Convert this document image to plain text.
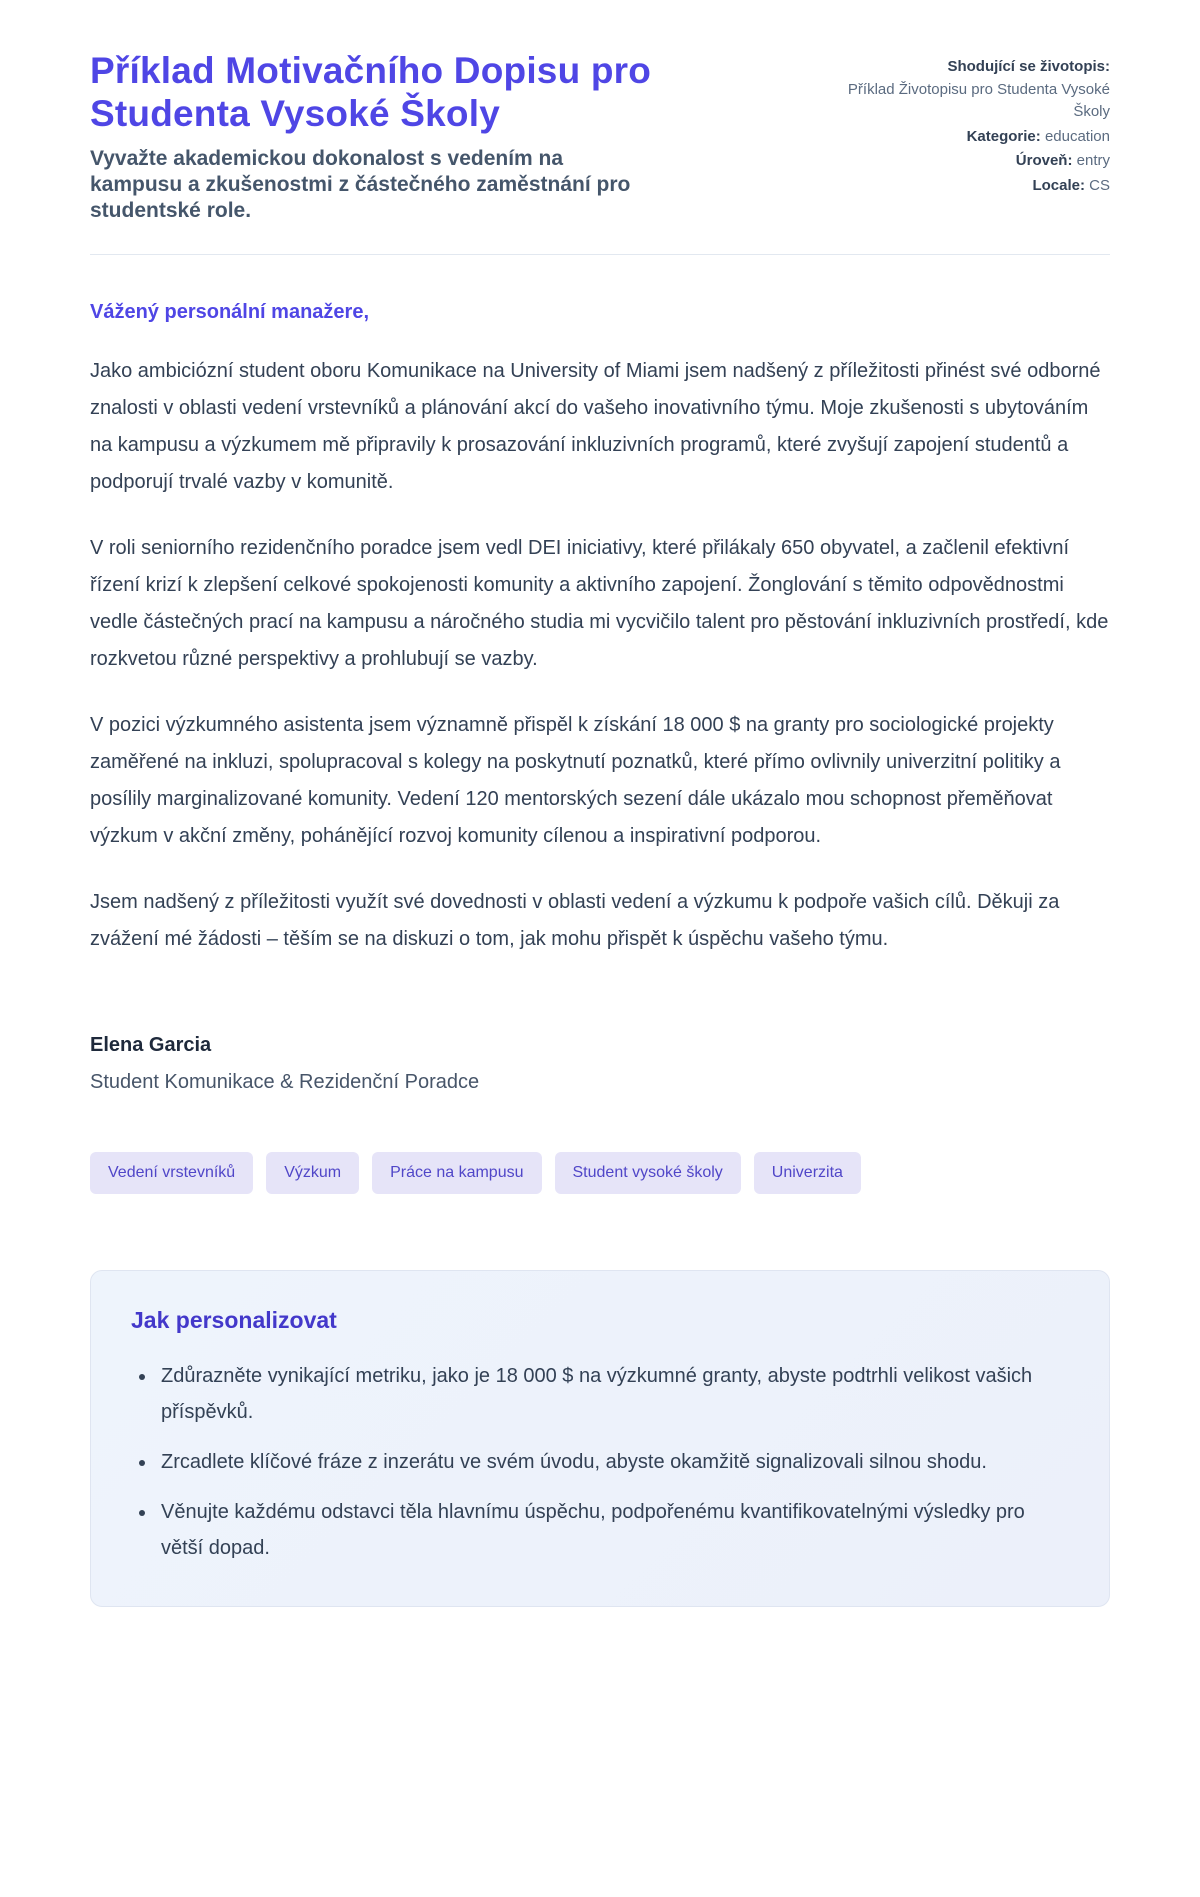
Příklad Motivačního Dopisu pro Studenta Vysoké Školy

Vyvažte akademickou dokonalost s vedením na kampusu a zkušenostmi z částečného zaměstnání pro studentské role.

Shodující se životopis:
Příklad Životopisu pro Studenta Vysoké Školy
Kategorie: education
Úroveň: entry
Locale: CS

Vážený personální manažere,

Jako ambiciózní student oboru Komunikace na University of Miami jsem nadšený z příležitosti přinést své odborné znalosti v oblasti vedení vrstevníků a plánování akcí do vašeho inovativního týmu. Moje zkušenosti s ubytováním na kampusu a výzkumem mě připravily k prosazování inkluzivních programů, které zvyšují zapojení studentů a podporují trvalé vazby v komunitě.

V roli seniorního rezidenčního poradce jsem vedl DEI iniciativy, které přilákaly 650 obyvatel, a začlenil efektivní řízení krizí k zlepšení celkové spokojenosti komunity a aktivního zapojení. Žonglování s těmito odpovědnostmi vedle částečných prací na kampusu a náročného studia mi vycvičilo talent pro pěstování inkluzivních prostředí, kde rozkvetou různé perspektivy a prohlubují se vazby.

V pozici výzkumného asistenta jsem významně přispěl k získání 18 000 $ na granty pro sociologické projekty zaměřené na inkluzi, spolupracoval s kolegy na poskytnutí poznatků, které přímo ovlivnily univerzitní politiky a posílily marginalizované komunity. Vedení 120 mentorských sezení dále ukázalo mou schopnost přeměňovat výzkum v akční změny, pohánějící rozvoj komunity cílenou a inspirativní podporou.

Jsem nadšený z příležitosti využít své dovednosti v oblasti vedení a výzkumu k podpoře vašich cílů. Děkuji za zvážení mé žádosti – těším se na diskuzi o tom, jak mohu přispět k úspěchu vašeho týmu.

Elena Garcia

Student Komunikace & Rezidenční Poradce

Vedení vrstevníků	Výzkum	Práce na kampusu	Student vysoké školy	Univerzita
Jak personalizovat
• Zdůrazněte vynikající metriku, jako je 18 000 $ na výzkumné granty, abyste podtrhli velikost vašich příspěvků.
• Zrcadlete klíčové fráze z inzerátu ve svém úvodu, abyste okamžitě signalizovali silnou shodu.
• Věnujte každému odstavci těla hlavnímu úspěchu, podpořenému kvantifikovatelnými výsledky pro větší dopad.
